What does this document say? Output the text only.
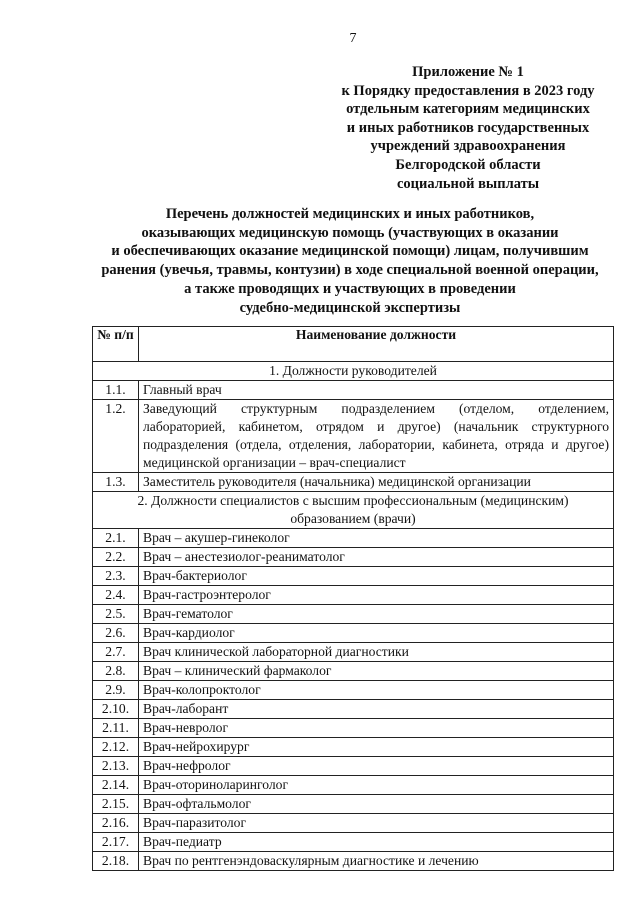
7
Приложение № 1
к Порядку предоставления в 2023 году
отдельным категориям медицинских
и иных работников государственных
учреждений здравоохранения
Белгородской области
социальной выплаты
Перечень должностей медицинских и иных работников,
оказывающих медицинскую помощь (участвующих в оказании
и обеспечивающих оказание медицинской помощи) лицам, получившим
ранения (увечья, травмы, контузии) в ходе специальной военной операции,
а также проводящих и участвующих в проведении
судебно-медицинской экспертизы
№ п/п	Наименование должности
1. Должности руководителей	
1.1.	Главный врач
1.2.	Заведующий структурным подразделением (отделом, отделением, лабораторией, кабинетом, отрядом и другое) (начальник структурного подразделения (отдела, отделения, лаборатории, кабинета, отряда и другое) медицинской организации – врач-специалист
1.3.	Заместитель руководителя (начальника) медицинской организации
2. Должности специалистов с высшим профессиональным (медицинским) образованием (врачи)	
2.1.	Врач – акушер-гинеколог
2.2.	Врач – анестезиолог-реаниматолог
2.3.	Врач-бактериолог
2.4.	Врач-гастроэнтеролог
2.5.	Врач-гематолог
2.6.	Врач-кардиолог
2.7.	Врач клинической лабораторной диагностики
2.8.	Врач – клинический фармаколог
2.9.	Врач-колопроктолог
2.10.	Врач-лаборант
2.11.	Врач-невролог
2.12.	Врач-нейрохирург
2.13.	Врач-нефролог
2.14.	Врач-оториноларинголог
2.15.	Врач-офтальмолог
2.16.	Врач-паразитолог
2.17.	Врач-педиатр
2.18.	Врач по рентгенэндоваскулярным диагностике и лечению
